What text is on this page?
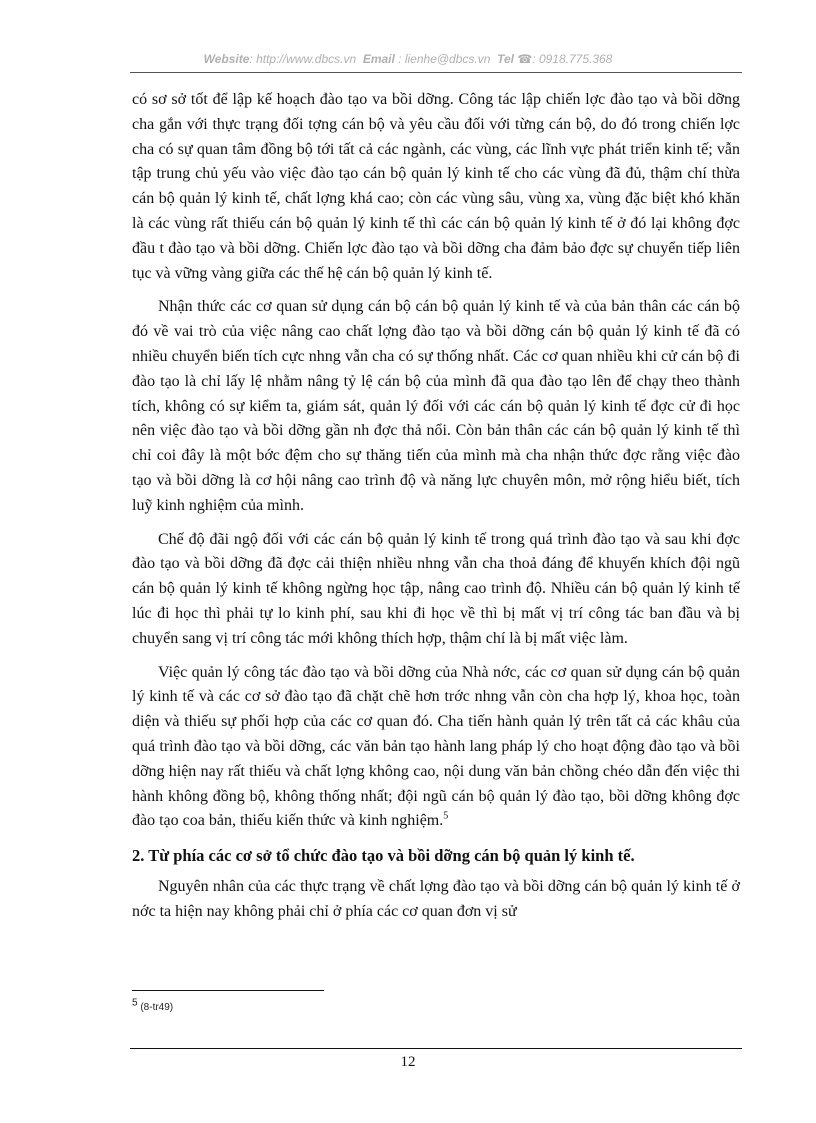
Website: http://www.dbcs.vn Email : lienhe@dbcs.vn Tel ☎: 0918.775.368

có sơ sở tốt để lập kế hoạch đào tạo va bồi dỡng. Công tác lập chiến lợc đào tạo và bồi dỡng cha gắn với thực trạng đối tợng cán bộ và yêu cầu đối với từng cán bộ, do đó trong chiến lợc cha có sự quan tâm đồng bộ tới tất cả các ngành, các vùng, các lĩnh vực phát triển kinh tế; vẫn tập trung chủ yếu vào việc đào tạo cán bộ quản lý kinh tế cho các vùng đã đủ, thậm chí thừa cán bộ quản lý kinh tế, chất lợng khá cao; còn các vùng sâu, vùng xa, vùng đặc biệt khó khăn là các vùng rất thiếu cán bộ quản lý kinh tế thì các cán bộ quản lý kinh tế ở đó lại không đợc đầu t đào tạo và bồi dỡng. Chiến lợc đào tạo và bồi dỡng cha đảm bảo đợc sự chuyển tiếp liên tục và vững vàng giữa các thế hệ cán bộ quản lý kinh tế.

Nhận thức các cơ quan sử dụng cán bộ cán bộ quản lý kinh tế và của bản thân các cán bộ đó về vai trò của việc nâng cao chất lợng đào tạo và bồi dỡng cán bộ quản lý kinh tế đã có nhiều chuyển biến tích cực nhng vẫn cha có sự thống nhất. Các cơ quan nhiều khi cử cán bộ đi đào tạo là chỉ lấy lệ nhằm nâng tỷ lệ cán bộ của mình đã qua đào tạo lên để chạy theo thành tích, không có sự kiểm ta, giám sát, quản lý đối với các cán bộ quản lý kinh tế đợc cử đi học nên việc đào tạo và bồi dỡng gần nh đợc thả nổi. Còn bản thân các cán bộ quản lý kinh tế thì chỉ coi đây là một bớc đệm cho sự thăng tiến của mình mà cha nhận thức đợc rằng việc đào tạo và bồi dỡng là cơ hội nâng cao trình độ và năng lực chuyên môn, mở rộng hiểu biết, tích luỹ kinh nghiệm của mình.

Chế độ đãi ngộ đối với các cán bộ quản lý kinh tế trong quá trình đào tạo và sau khi đợc đào tạo và bồi dỡng đã đợc cải thiện nhiều nhng vẫn cha thoả đáng để khuyến khích đội ngũ cán bộ quản lý kinh tế không ngừng học tập, nâng cao trình độ. Nhiều cán bộ quản lý kinh tế lúc đi học thì phải tự lo kinh phí, sau khi đi học về thì bị mất vị trí công tác ban đầu và bị chuyển sang vị trí công tác mới không thích hợp, thậm chí là bị mất việc làm.

Việc quản lý công tác đào tạo và bồi dỡng của Nhà nớc, các cơ quan sử dụng cán bộ quản lý kinh tế và các cơ sở đào tạo đã chặt chẽ hơn trớc nhng vẫn còn cha hợp lý, khoa học, toàn diện và thiếu sự phối hợp của các cơ quan đó. Cha tiến hành quản lý trên tất cả các khâu của quá trình đào tạo và bồi dỡng, các văn bản tạo hành lang pháp lý cho hoạt động đào tạo và bồi dỡng hiện nay rất thiếu và chất lợng không cao, nội dung văn bản chồng chéo dẫn đến việc thi hành không đồng bộ, không thống nhất; đội ngũ cán bộ quản lý đào tạo, bồi dỡng không đợc đào tạo coa bản, thiếu kiến thức và kinh nghiệm.$^5$

2. Từ phía các cơ sở tổ chức đào tạo và bồi dỡng cán bộ quản lý kinh tế.

Nguyên nhân của các thực trạng về chất lợng đào tạo và bồi dỡng cán bộ quản lý kinh tế ở nớc ta hiện nay không phải chỉ ở phía các cơ quan đơn vị sử

$^5$ (8-tr49)
12
